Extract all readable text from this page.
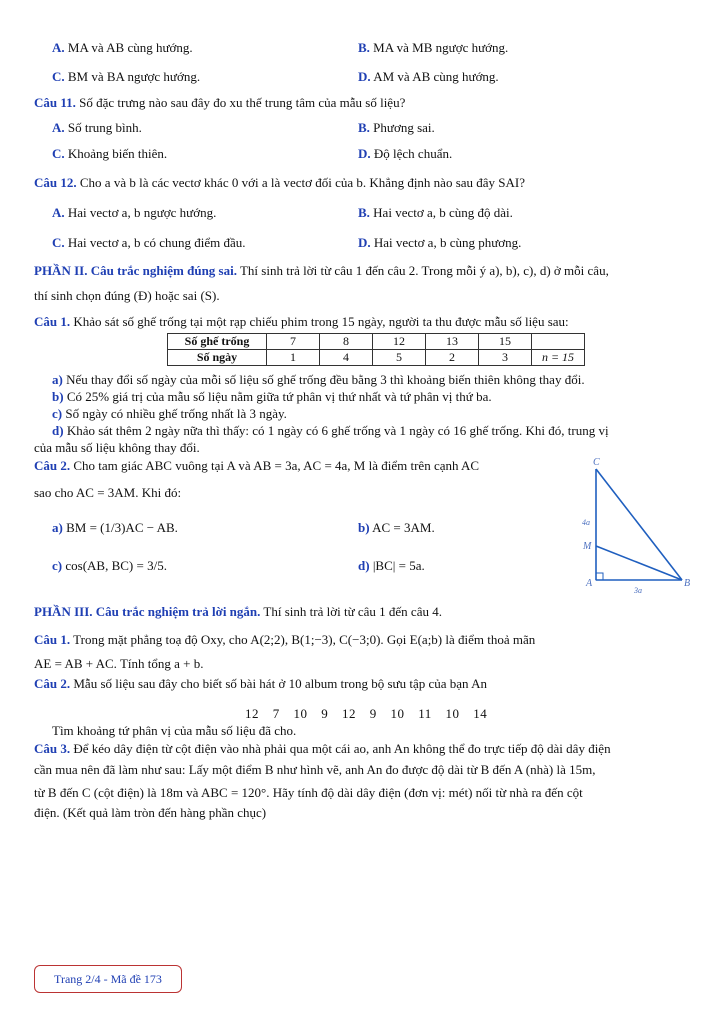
A. MA và AB cùng hướng.	B. MA và MB ngược hướng.
C. BM và BA ngược hướng.	D. AM và AB cùng hướng.
Câu 11. Số đặc trưng nào sau đây đo xu thế trung tâm của mẫu số liệu?
A. Số trung bình.	B. Phương sai.
C. Khoảng biến thiên.	D. Độ lệch chuẩn.
Câu 12. Cho a và b là các vectơ khác 0 với a là vectơ đối của b. Khẳng định nào sau đây SAI?
A. Hai vectơ a, b ngược hướng.	B. Hai vectơ a, b cùng độ dài.
C. Hai vectơ a, b có chung điểm đầu.	D. Hai vectơ a, b cùng phương.
PHẦN II. Câu trắc nghiệm đúng sai. Thí sinh trả lời từ câu 1 đến câu 2. Trong mỗi ý a), b), c), d) ở mỗi câu,
thí sinh chọn đúng (Đ) hoặc sai (S).
Câu 1. Khảo sát số ghế trống tại một rạp chiếu phim trong 15 ngày, người ta thu được mẫu số liệu sau:
Số ghế trống	7	8	12	13	15	
Số ngày	1	4	5	2	3	n = 15
a) Nếu thay đổi số ngày của mỗi số liệu số ghế trống đều bằng 3 thì khoảng biến thiên không thay đổi.
b) Có 25% giá trị của mẫu số liệu nằm giữa tứ phân vị thứ nhất và tứ phân vị thứ ba.
c) Số ngày có nhiều ghế trống nhất là 3 ngày.
d) Khảo sát thêm 2 ngày nữa thì thấy: có 1 ngày có 6 ghế trống và 1 ngày có 16 ghế trống. Khi đó, trung vị
của mẫu số liệu không thay đổi.
Câu 2. Cho tam giác ABC vuông tại A và AB = 3a, AC = 4a, M là điểm trên cạnh AC
sao cho AC = 3AM. Khi đó:
a) BM = (1/3)AC − AB.	b) AC = 3AM.
c) cos(AB, BC) = 3/5.	d) |BC| = 5a.
C
M
A	B
4a
3a
PHẦN III. Câu trắc nghiệm trả lời ngắn. Thí sinh trả lời từ câu 1 đến câu 4.
Câu 1. Trong mặt phẳng toạ độ Oxy, cho A(2;2), B(1;−3), C(−3;0). Gọi E(a;b) là điểm thoả mãn
AE = AB + AC. Tính tổng a + b.
Câu 2. Mẫu số liệu sau đây cho biết số bài hát ở 10 album trong bộ sưu tập của bạn An
12 7 10 9 12 9 10 11 10 14
Tìm khoảng tứ phân vị của mẫu số liệu đã cho.
Câu 3. Để kéo dây điện từ cột điện vào nhà phải qua một cái ao, anh An không thể đo trực tiếp độ dài dây điện
cần mua nên đã làm như sau: Lấy một điểm B như hình vẽ, anh An đo được độ dài từ B đến A (nhà) là 15m,
từ B đến C (cột điện) là 18m và ABC = 120°. Hãy tính độ dài dây điện (đơn vị: mét) nối từ nhà ra đến cột
điện. (Kết quả làm tròn đến hàng phần chục)
Trang 2/4 - Mã đề 173
